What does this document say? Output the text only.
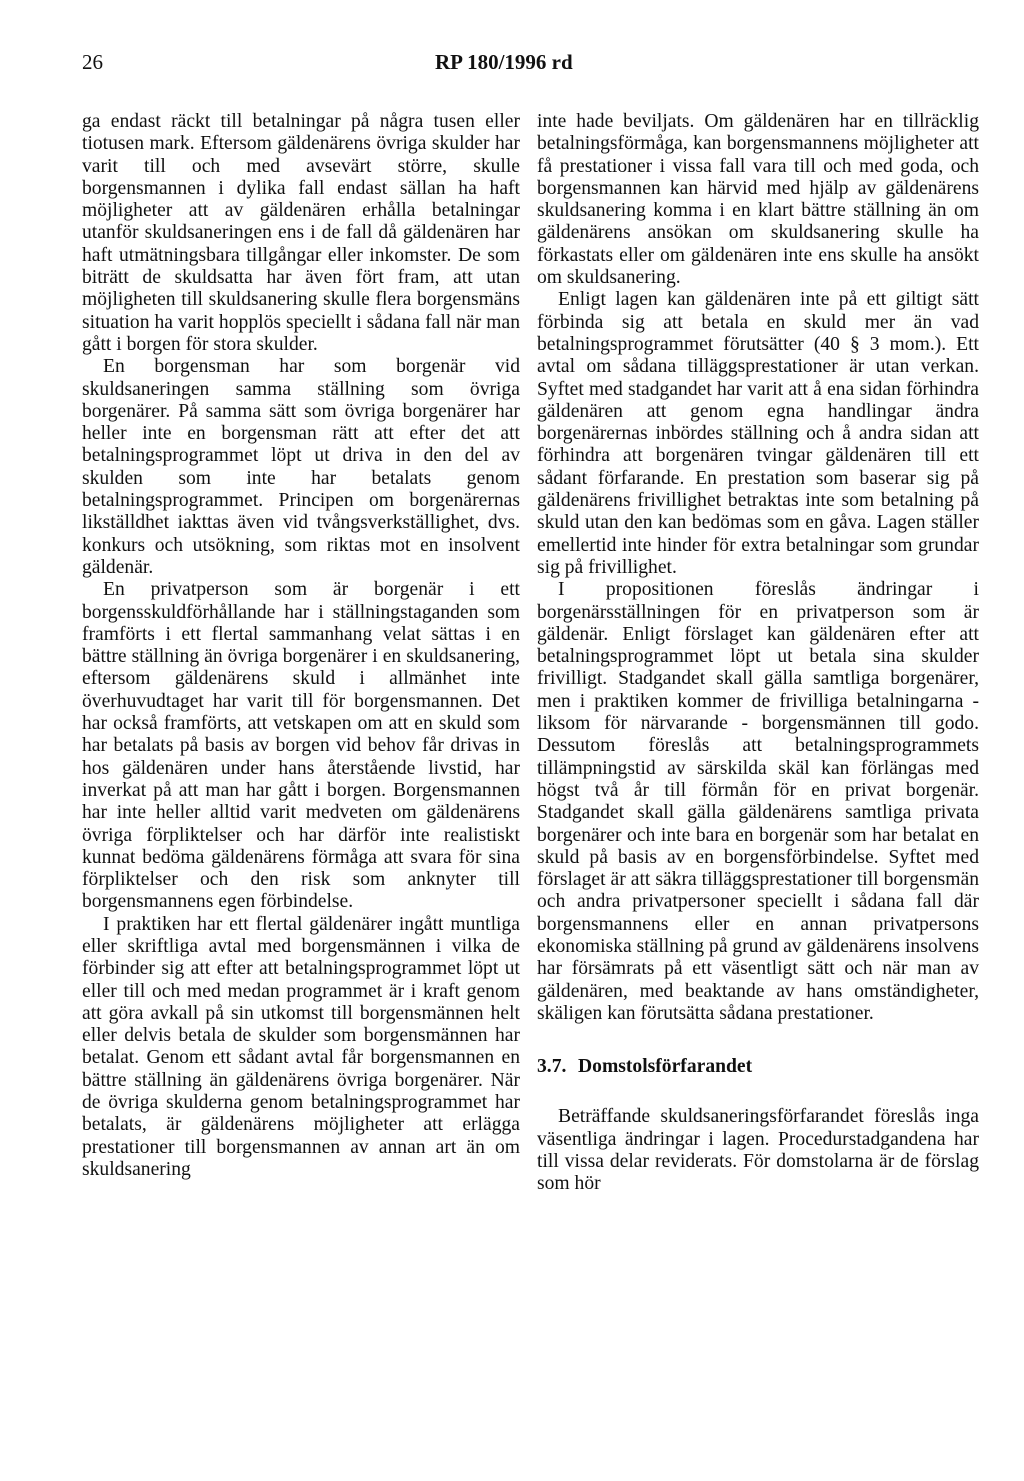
26	RP 180/1996 rd

ga endast räckt till betalningar på några tusen eller tiotusen mark. Eftersom gäldenärens övriga skulder har varit till och med avsevärt större, skulle borgensmannen i dylika fall endast sällan ha haft möjligheter att av gäldenären erhålla betalningar utanför skuldsaneringen ens i de fall då gäldenären har haft utmätningsbara tillgångar eller inkomster. De som biträtt de skuldsatta har även fört fram, att utan möjligheten till skuldsanering skulle flera borgensmäns situation ha varit hopplös speciellt i sådana fall när man gått i borgen för stora skulder.

En borgensman har som borgenär vid skuldsaneringen samma ställning som övriga borgenärer. På samma sätt som övriga borgenärer har heller inte en borgensman rätt att efter det att betalningsprogrammet löpt ut driva in den del av skulden som inte har betalats genom betalningsprogrammet. Principen om borgenärernas likställdhet iakttas även vid tvångsverkställighet, dvs. konkurs och utsökning, som riktas mot en insolvent gäldenär.

En privatperson som är borgenär i ett borgensskuldförhållande har i ställningstaganden som framförts i ett flertal sammanhang velat sättas i en bättre ställning än övriga borgenärer i en skuldsanering, eftersom gäldenärens skuld i allmänhet inte överhuvudtaget har varit till för borgensmannen. Det har också framförts, att vetskapen om att en skuld som har betalats på basis av borgen vid behov får drivas in hos gäldenären under hans återstående livstid, har inverkat på att man har gått i borgen. Borgensmannen har inte heller alltid varit medveten om gäldenärens övriga förpliktelser och har därför inte realistiskt kunnat bedöma gäldenärens förmåga att svara för sina förpliktelser och den risk som anknyter till borgensmannens egen förbindelse.

I praktiken har ett flertal gäldenärer ingått muntliga eller skriftliga avtal med borgensmännen i vilka de förbinder sig att efter att betalningsprogrammet löpt ut eller till och med medan programmet är i kraft genom att göra avkall på sin utkomst till borgensmännen helt eller delvis betala de skulder som borgensmännen har betalat. Genom ett sådant avtal får borgensmannen en bättre ställning än gäldenärens övriga borgenärer. När de övriga skulderna genom betalningsprogrammet har betalats, är gäldenärens möjligheter att erlägga prestationer till borgensmannen av annan art än om skuldsanering

inte hade beviljats. Om gäldenären har en tillräcklig betalningsförmåga, kan borgensmannens möjligheter att få prestationer i vissa fall vara till och med goda, och borgensmannen kan härvid med hjälp av gäldenärens skuldsanering komma i en klart bättre ställning än om gäldenärens ansökan om skuldsanering skulle ha förkastats eller om gäldenären inte ens skulle ha ansökt om skuldsanering.

Enligt lagen kan gäldenären inte på ett giltigt sätt förbinda sig att betala en skuld mer än vad betalningsprogrammet förutsätter (40 § 3 mom.). Ett avtal om sådana tilläggsprestationer är utan verkan. Syftet med stadgandet har varit att å ena sidan förhindra gäldenären att genom egna handlingar ändra borgenärernas inbördes ställning och å andra sidan att förhindra att borgenären tvingar gäldenären till ett sådant förfarande. En prestation som baserar sig på gäldenärens frivillighet betraktas inte som betalning på skuld utan den kan bedömas som en gåva. Lagen ställer emellertid inte hinder för extra betalningar som grundar sig på frivillighet.

I propositionen föreslås ändringar i borgenärsställningen för en privatperson som är gäldenär. Enligt förslaget kan gäldenären efter att betalningsprogrammet löpt ut betala sina skulder frivilligt. Stadgandet skall gälla samtliga borgenärer, men i praktiken kommer de frivilliga betalningarna - liksom för närvarande - borgensmännen till godo. Dessutom föreslås att betalningsprogrammets tillämpningstid av särskilda skäl kan förlängas med högst två år till förmån för en privat borgenär. Stadgandet skall gälla gäldenärens samtliga privata borgenärer och inte bara en borgenär som har betalat en skuld på basis av en borgensförbindelse. Syftet med förslaget är att säkra tilläggsprestationer till borgensmän och andra privatpersoner speciellt i sådana fall där borgensmannens eller en annan privatpersons ekonomiska ställning på grund av gäldenärens insolvens har försämrats på ett väsentligt sätt och när man av gäldenären, med beaktande av hans omständigheter, skäligen kan förutsätta sådana prestationer.

3.7. Domstolsförfarandet

Beträffande skuldsaneringsförfarandet föreslås inga väsentliga ändringar i lagen. Procedurstadgandena har till vissa delar reviderats. För domstolarna är de förslag som hör
